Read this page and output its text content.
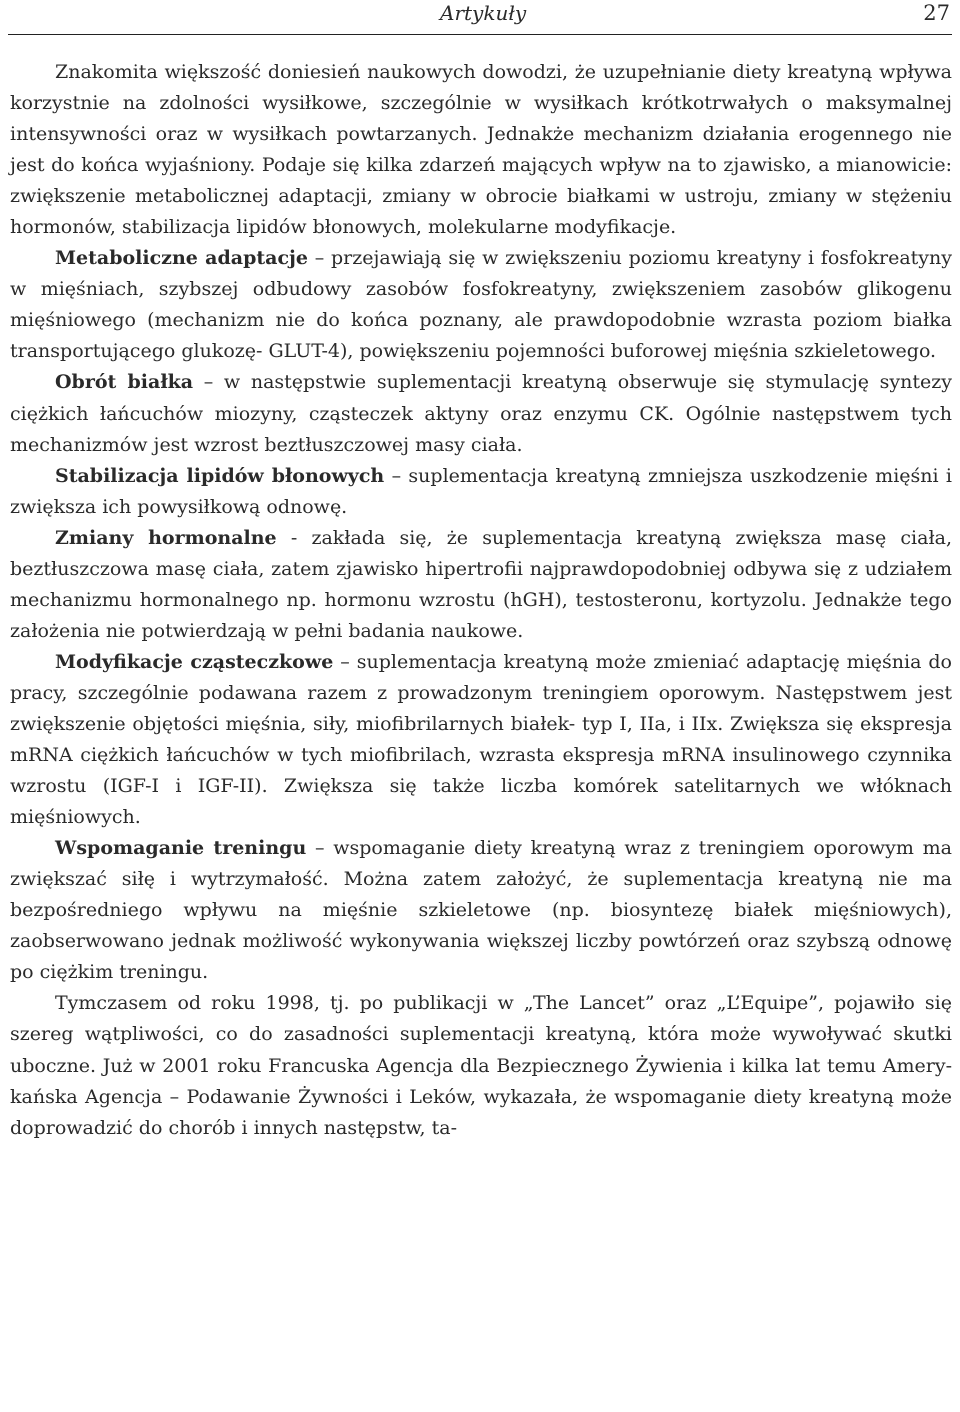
Artykuły	27

Znakomita większość doniesień naukowych dowodzi, że uzupełnianie diety kreatyną wpływa korzystnie na zdolności wysiłkowe, szczególnie w wysiłkach krótkotrwałych o maksymalnej intensywności oraz w wysiłkach powtarzanych. Jednakże mechanizm działania erogennego nie jest do końca wyjaśniony. Podaje się kilka zdarzeń mających wpływ na to zjawisko, a mianowicie: zwiększenie metabolicznej adaptacji, zmiany w obrocie białkami w ustroju, zmiany w stężeniu hormonów, stabilizacja lipidów błonowych, molekularne modyfikacje.

Metaboliczne adaptacje – przejawiają się w zwiększeniu poziomu kreatyny i fosfokreatyny w mięśniach, szybszej odbudowy zasobów fosfokreatyny, zwiększeniem zasobów glikogenu mięśniowego (mechanizm nie do końca poznany, ale prawdopodobnie wzrasta poziom białka transportującego glukozę- GLUT-4), powiększeniu pojemności buforowej mięśnia szkieletowego.

Obrót białka – w następstwie suplementacji kreatyną obserwuje się stymulację syntezy ciężkich łańcuchów miozyny, cząsteczek aktyny oraz enzymu CK. Ogólnie następstwem tych mechanizmów jest wzrost beztłuszczowej masy ciała.

Stabilizacja lipidów błonowych – suplementacja kreatyną zmniejsza uszkodzenie mięśni i zwiększa ich powysiłkową odnowę.

Zmiany hormonalne - zakłada się, że suplementacja kreatyną zwiększa masę ciała, beztłuszczowa masę ciała, zatem zjawisko hipertrofii najprawdopodobniej odbywa się z udziałem mechanizmu hormonalnego np. hormonu wzrostu (hGH), testosteronu, kortyzolu. Jednakże tego założenia nie potwierdzają w pełni badania naukowe.

Modyfikacje cząsteczkowe – suplementacja kreatyną może zmieniać adaptację mięśnia do pracy, szczególnie podawana razem z prowadzonym treningiem oporowym. Następstwem jest zwiększenie objętości mięśnia, siły, miofibrilarnych białek- typ I, IIa, i IIx. Zwiększa się ekspresja mRNA ciężkich łańcuchów w tych miofibrilach, wzrasta ekspresja mRNA insulinowego czynnika wzrostu (IGF-I i IGF-II). Zwiększa się także liczba komórek satelitarnych we włóknach mięśniowych.

Wspomaganie treningu – wspomaganie diety kreatyną wraz z treningiem oporowym ma zwiększać siłę i wytrzymałość. Można zatem założyć, że suplementacja kreatyną nie ma bezpośredniego wpływu na mięśnie szkieletowe (np. biosyntezę białek mięśniowych), zaobserwowano jednak możliwość wykonywania większej liczby powtórzeń oraz szybszą odnowę po ciężkim treningu.

Tymczasem od roku 1998, tj. po publikacji w „The Lancet” oraz „L’Equipe”, pojawiło się szereg wątpliwości, co do zasadności suplementacji kreatyną, która może wywoływać skutki uboczne. Już w 2001 roku Francuska Agencja dla Bezpiecznego Żywienia i kilka lat temu Amerykańska Agencja – Podawanie Żywności i Leków, wykazała, że wspomaganie diety kreatyną może doprowadzić do chorób i innych następstw, ta-
